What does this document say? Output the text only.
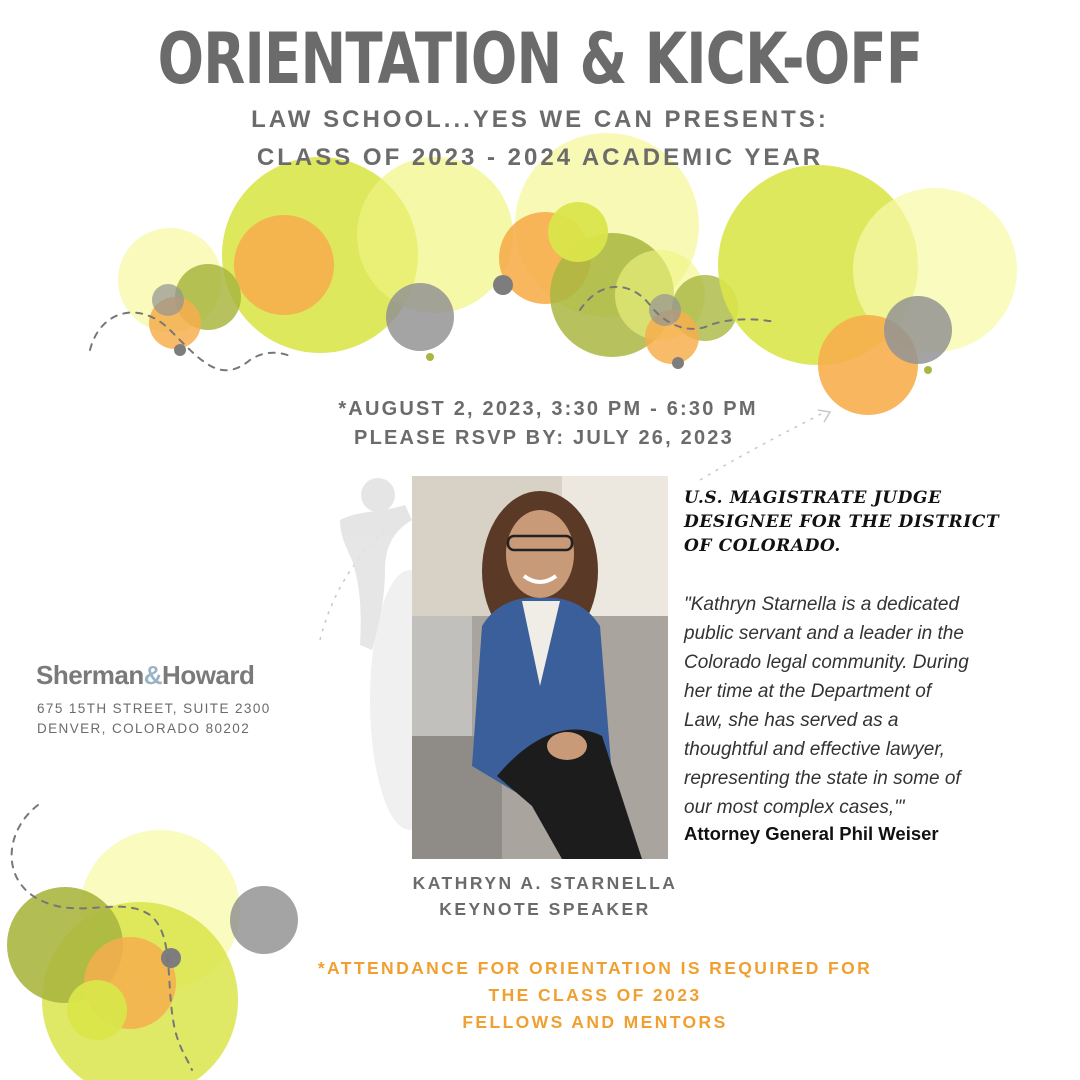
ORIENTATION & KICK-OFF
LAW SCHOOL...YES WE CAN PRESENTS:
CLASS OF 2023 - 2024 ACADEMIC YEAR
*AUGUST 2, 2023, 3:30 PM - 6:30 PM
PLEASE RSVP BY: JULY 26, 2023
Sherman&Howard
675 15TH STREET, SUITE 2300
DENVER, COLORADO 80202
U.S. MAGISTRATE JUDGE
DESIGNEE FOR THE DISTRICT
OF COLORADO.
"Kathryn Starnella is a dedicated
public servant and a leader in the
Colorado legal community. During
her time at the Department of
Law, she has served as a
thoughtful and effective lawyer,
representing the state in some of
our most complex cases,'"
Attorney General Phil Weiser
KATHRYN A. STARNELLA
KEYNOTE SPEAKER
*ATTENDANCE FOR ORIENTATION IS REQUIRED FOR
THE CLASS OF 2023
FELLOWS AND MENTORS
